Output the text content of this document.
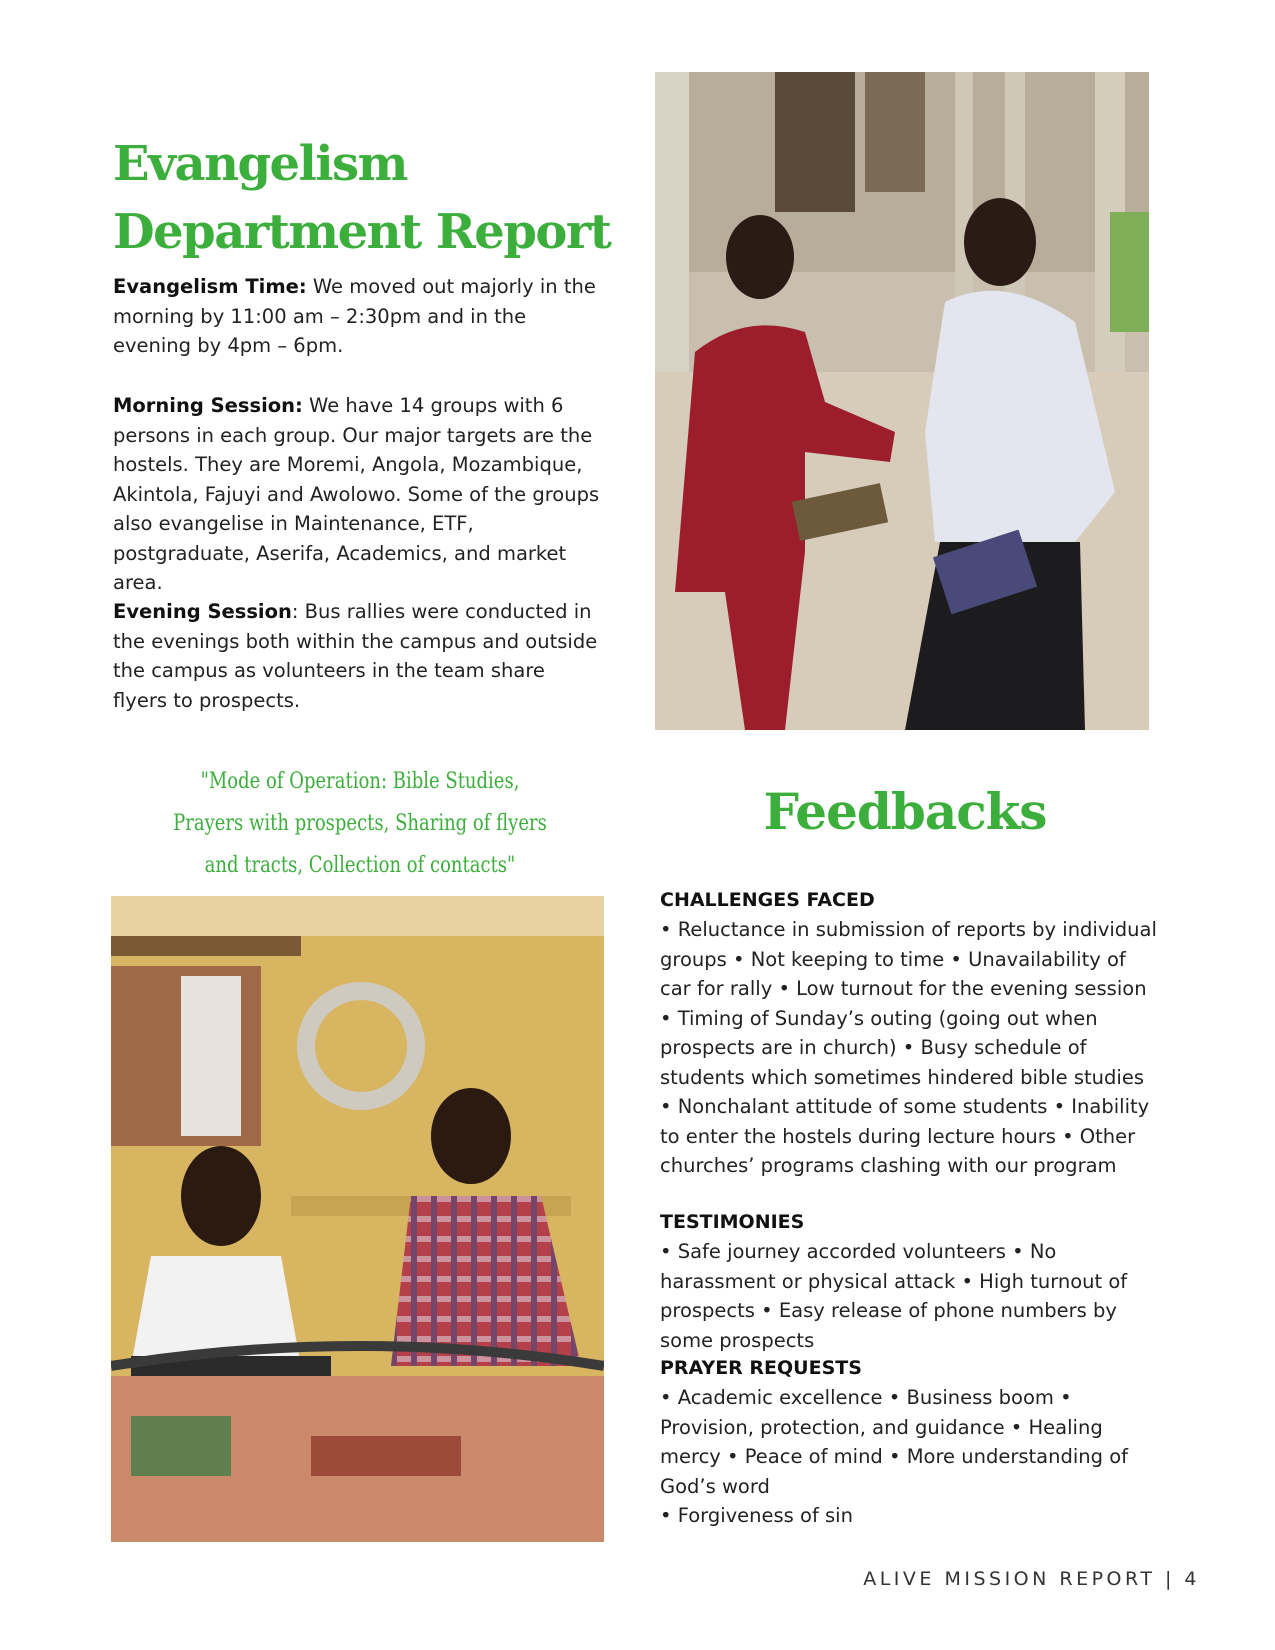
Evangelism
Department Report
Evangelism Time: We moved out majorly in the morning by 11:00 am – 2:30pm and in the evening by 4pm – 6pm.
Morning Session: We have 14 groups with 6 persons in each group. Our major targets are the hostels. They are Moremi, Angola, Mozambique, Akintola, Fajuyi and Awolowo. Some of the groups also evangelise in Maintenance, ETF, postgraduate, Aserifa, Academics, and market area.
Evening Session: Bus rallies were conducted in the evenings both within the campus and outside the campus as volunteers in the team share flyers to prospects.
"Mode of Operation: Bible Studies, Prayers with prospects, Sharing of flyers and tracts, Collection of contacts"
Feedbacks
CHALLENGES FACED

• Reluctance in submission of reports by individual groups • Not keeping to time • Unavailability of car for rally • Low turnout for the evening session • Timing of Sunday’s outing (going out when prospects are in church) • Busy schedule of students which sometimes hindered bible studies • Nonchalant attitude of some students • Inability to enter the hostels during lecture hours • Other churches’ programs clashing with our program

TESTIMONIES

• Safe journey accorded volunteers • No harassment or physical attack • High turnout of prospects • Easy release of phone numbers by some prospects

PRAYER REQUESTS

• Academic excellence • Business boom • Provision, protection, and guidance • Healing mercy • Peace of mind • More understanding of God’s word

• Forgiveness of sin

ALIVE MISSION REPORT | 4
